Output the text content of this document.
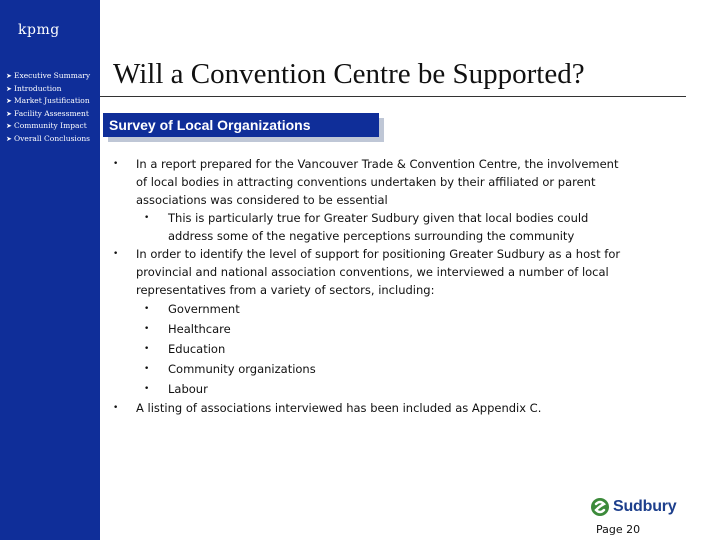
kpmg
➤ Executive Summary
➤ Introduction
➤ Market Justification
➤ Facility Assessment
➤ Community Impact
➤ Overall Conclusions
Will a Convention Centre be Supported?
Survey of Local Organizations

• In a report prepared for the Vancouver Trade & Convention Centre, the involvement of local bodies in attracting conventions undertaken by their affiliated or parent associations was considered to be essential

• This is particularly true for Greater Sudbury given that local bodies could address some of the negative perceptions surrounding the community

• In order to identify the level of support for positioning Greater Sudbury as a host for provincial and national association conventions, we interviewed a number of local representatives from a variety of sectors, including:

• Government

• Healthcare

• Education

• Community organizations

• Labour

• A listing of associations interviewed has been included as Appendix C.

Sudbury
Page 20
